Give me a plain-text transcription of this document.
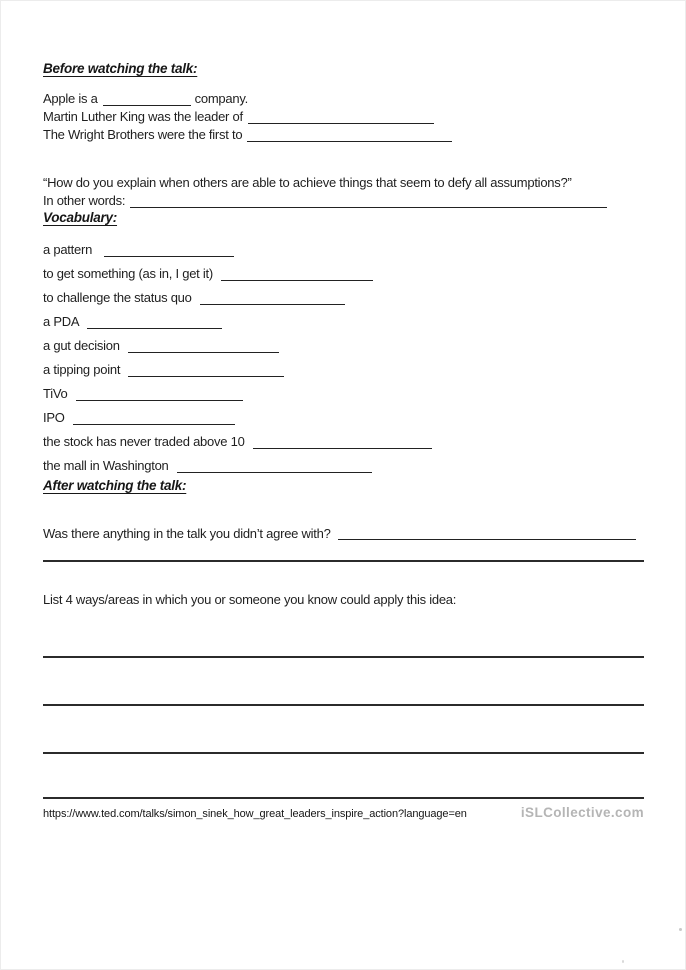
Before watching the talk:

Apple is a	company.

Martin Luther King was the leader of

The Wright Brothers were the first to

“How do you explain when others are able to achieve things that seem to defy all assumptions?”

In other words:

Vocabulary:

a pattern

to get something (as in, I get it)

to challenge the status quo

a PDA

a gut decision

a tipping point

TiVo

IPO

the stock has never traded above 10

the mall in Washington

After watching the talk:
Was there anything in the talk you didn’t agree with?

List 4 ways/areas in which you or someone you know could apply this idea:

https://www.ted.com/talks/simon_sinek_how_great_leaders_inspire_action?language=en	iSLCollective.com
